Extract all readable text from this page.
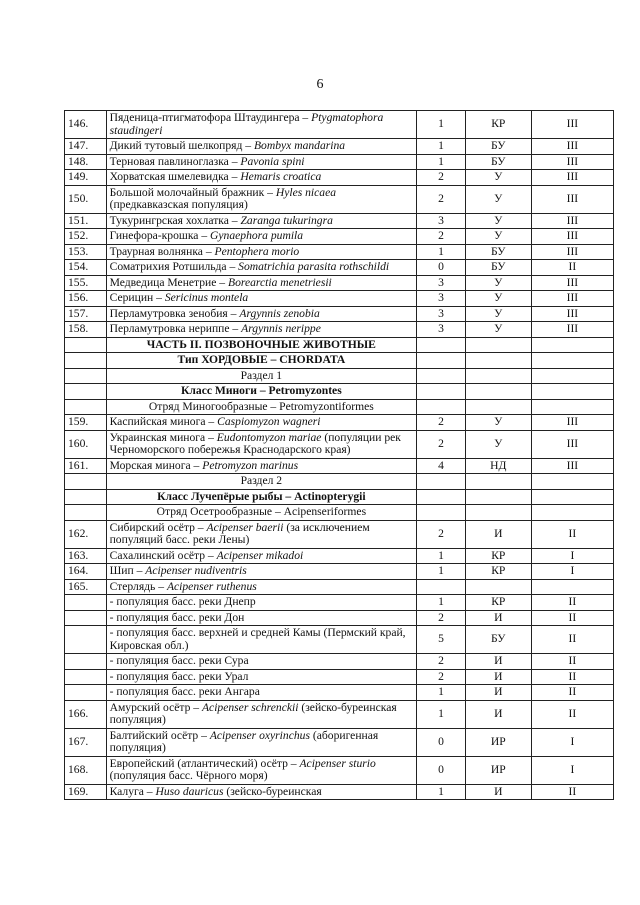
6
146.	Пяденица-птигматофора Штаудингера – Ptygmatophora staudingeri	1	КР	III
147.	Дикий тутовый шелкопряд – Bombyx mandarina	1	БУ	III
148.	Терновая павлиноглазка – Pavonia spini	1	БУ	III
149.	Хорватская шмелевидка – Hemaris croatica	2	У	III
150.	Большой молочайный бражник – Hyles nicaea (предкавказская популяция)	2	У	III
151.	Тукурингрская хохлатка – Zaranga tukuringra	3	У	III
152.	Гинефора-крошка – Gynaephora pumila	2	У	III
153.	Траурная волнянка – Pentophera morio	1	БУ	III
154.	Соматрихия Ротшильда – Somatrichia parasita rothschildi	0	БУ	II
155.	Медведица Менетрие – Borearctia menetriesii	3	У	III
156.	Серицин – Sericinus montela	3	У	III
157.	Перламутровка зенобия – Argynnis zenobia	3	У	III
158.	Перламутровка нериппе – Argynnis nerippe	3	У	III
	ЧАСТЬ II. ПОЗВОНОЧНЫЕ ЖИВОТНЫЕ			
	Тип ХОРДОВЫЕ – CHORDATA			
	Раздел 1			
	Класс Миноги – Petromyzontes			
	Отряд Миногообразные – Petromyzontiformes			
159.	Каспийская минога – Caspiomyzon wagneri	2	У	III
160.	Украинская минога – Eudontomyzon mariae (популяции рек Черноморского побережья Краснодарского края)	2	У	III
161.	Морская минога – Petromyzon marinus	4	НД	III
	Раздел 2			
	Класс Лучепёрые рыбы – Actinopterygii			
	Отряд Осетрообразные – Acipenseriformes			
162.	Сибирский осётр – Acipenser baerii (за исключением популяций басс. реки Лены)	2	И	II
163.	Сахалинский осётр – Acipenser mikadoi	1	КР	I
164.	Шип – Acipenser nudiventris	1	КР	I
165.	Стерлядь – Acipenser ruthenus			
	- популяция басс. реки Днепр	1	КР	II
	- популяция басс. реки Дон	2	И	II
	- популяция басс. верхней и средней Камы (Пермский край, Кировская обл.)	5	БУ	II
	- популяция басс. реки Сура	2	И	II
	- популяция басс. реки Урал	2	И	II
	- популяция басс. реки Ангара	1	И	II
166.	Амурский осётр – Acipenser schrenckii (зейско-буреинская популяция)	1	И	II
167.	Балтийский осётр – Acipenser oxyrinchus (аборигенная популяция)	0	ИР	I
168.	Европейский (атлантический) осётр – Acipenser sturio (популяция басс. Чёрного моря)	0	ИР	I
169.	Калуга – Huso dauricus (зейско-буреинская	1	И	II
